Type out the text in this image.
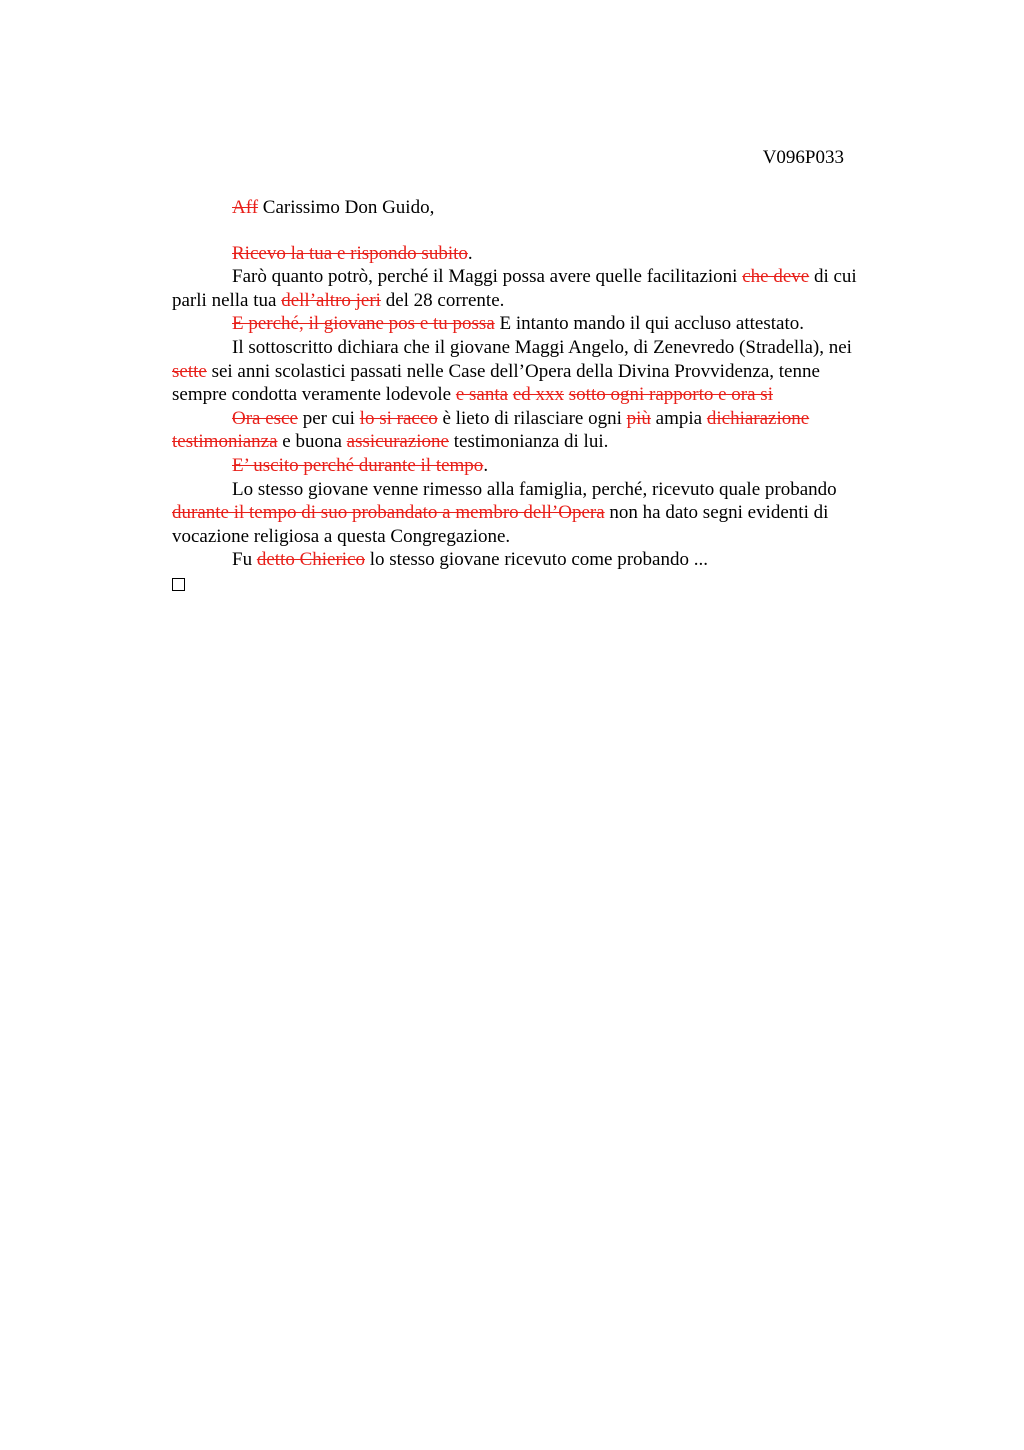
V096P033

Aff Carissimo Don Guido,

Ricevo la tua e rispondo subito.

Farò quanto potrò, perché il Maggi possa avere quelle facilitazioni che deve di cui
parli nella tua dell’altro jeri del 28 corrente.

E perché, il giovane pos e tu possa E intanto mando il qui accluso attestato.

Il sottoscritto dichiara che il giovane Maggi Angelo, di Zenevredo (Stradella), nei
sette sei anni scolastici passati nelle Case dell’Opera della Divina Provvidenza, tenne
sempre condotta veramente lodevole e santa ed xxx sotto ogni rapporto e ora si

Ora esce per cui lo si racco è lieto di rilasciare ogni più ampia dichiarazione
testimonianza e buona assicurazione testimonianza di lui.

E’ uscito perché durante il tempo.

Lo stesso giovane venne rimesso alla famiglia, perché, ricevuto quale probando
durante il tempo di suo probandato a membro dell’Opera non ha dato segni evidenti di
vocazione religiosa a questa Congregazione.

Fu detto Chierico lo stesso giovane ricevuto come probando ...
